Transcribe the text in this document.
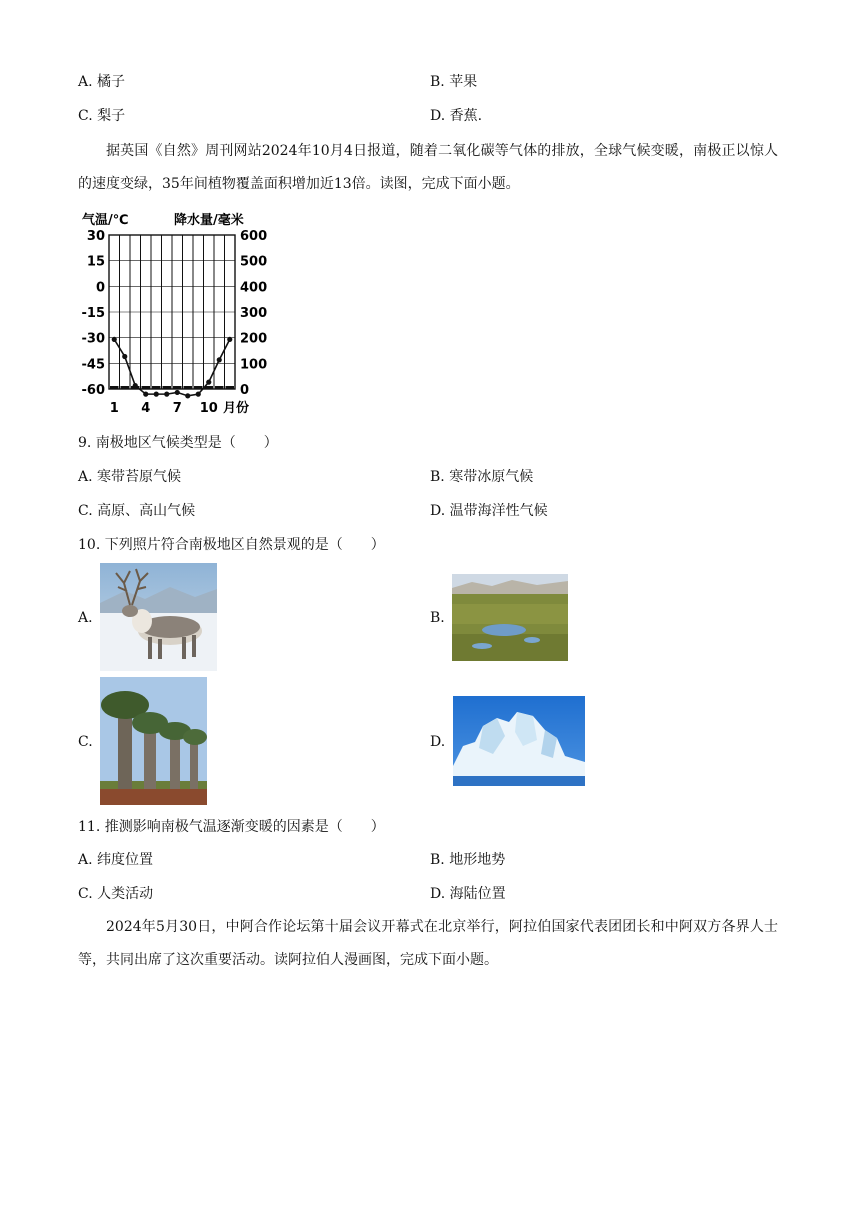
A. 橘子	B. 苹果
C. 梨子	D. 香蕉.
据英国《自然》周刊网站2024年10月4日报道，随着二氧化碳等气体的排放，全球气候变暖，南极正以惊人的速度变绿，35年间植物覆盖面积增加近13倍。读图，完成下面小题。
气温/℃	降水量/毫米
30
15
0
-15
-30
-45
-60
600
500
400
300
200
100
0
1 4 7 10 月份
9. 南极地区气候类型是（　　）
A. 寒带苔原气候	B. 寒带冰原气候
C. 高原、高山气候	D. 温带海洋性气候
10. 下列照片符合南极地区自然景观的是（　　）
A.	B.
C.	D.
11. 推测影响南极气温逐渐变暖的因素是（　　）
A. 纬度位置	B. 地形地势
C. 人类活动	D. 海陆位置
2024年5月30日，中阿合作论坛第十届会议开幕式在北京举行，阿拉伯国家代表团团长和中阿双方各界人士等，共同出席了这次重要活动。读阿拉伯人漫画图，完成下面小题。
